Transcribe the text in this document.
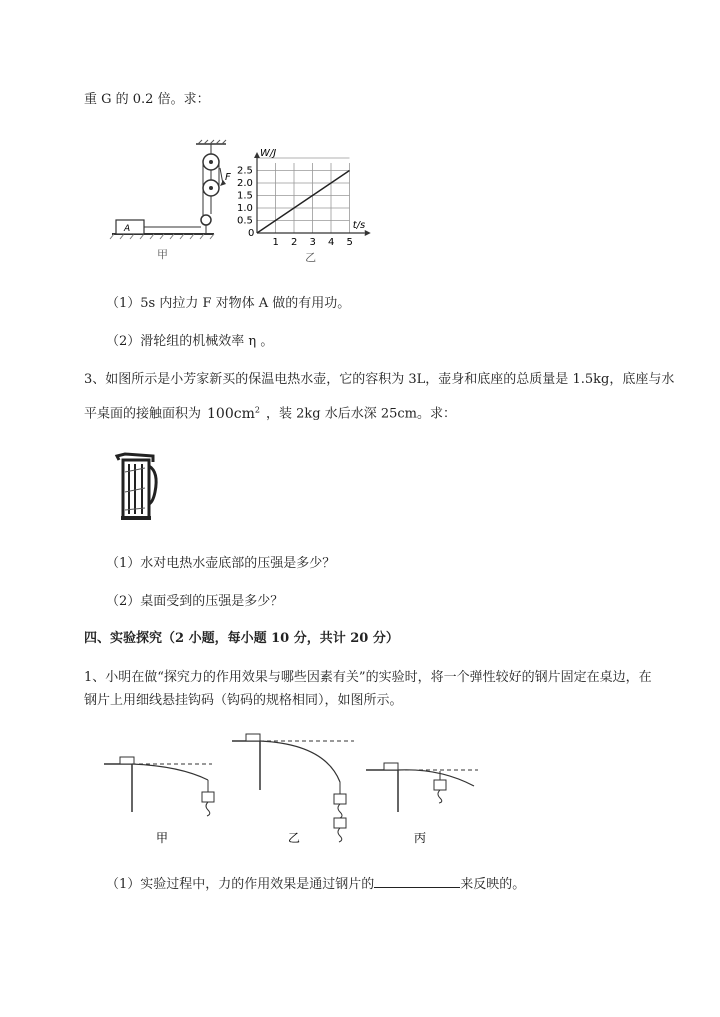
重 G 的 0.2 倍。求：
F
A
甲
1 2 3 4 5
0.5
1.0
1.5
2.0
2.5
0
W/J
t/s
乙
（1）5s 内拉力 F 对物体 A 做的有用功。
（2）滑轮组的机械效率 η 。
3、如图所示是小芳家新买的保温电热水壶，它的容积为 3L，壶身和底座的总质量是 1.5kg，底座与水
平桌面的接触面积为 $100cm^2$ ，装 2kg 水后水深 25cm。求：
（1）水对电热水壶底部的压强是多少？
（2）桌面受到的压强是多少？
四、实验探究（2 小题，每小题 10 分，共计 20 分）
1、小明在做“探究力的作用效果与哪些因素有关”的实验时，将一个弹性较好的钢片固定在桌边，在
钢片上用细线悬挂钩码（钩码的规格相同），如图所示。
甲	乙	丙
（1）实验过程中，力的作用效果是通过钢片的	来反映的。
